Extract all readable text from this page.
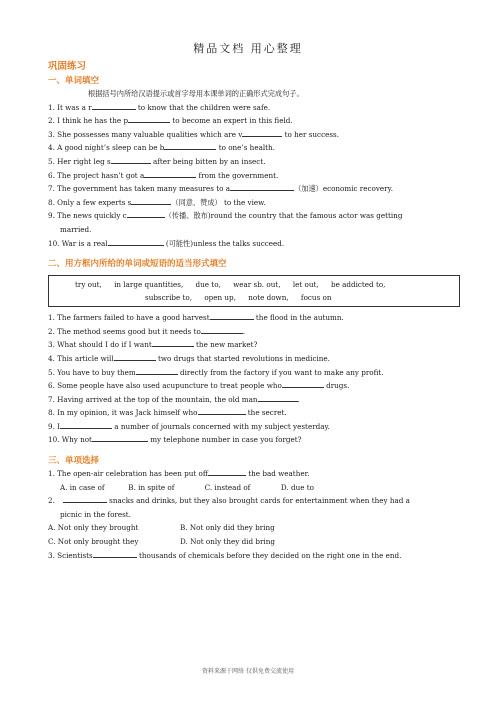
精品文档 用心整理
巩固练习
一、单词填空
根据括号内所给汉语提示或首字母用本课单词的正确形式完成句子。
1. It was a r	to know that the children were safe.
2. I think he has the p	to become an expert in this field.
3. She possesses many valuable qualities which are v	to her success.
4. A good night’s sleep can be b	to one’s health.
5. Her right leg s	after being bitten by an insect.
6. The project hasn’t got a	from the government.
7. The government has taken many measures to a	（加速）economic recovery.
8. Only a few experts s	（同意、赞成） to the view.
9. The news quickly c	（传播、散布)round the country that the famous actor was getting
married.
10. War is a real	(可能性)unless the talks succeed.
二、用方框内所给的单词或短语的适当形式填空
try out, in large quantities, due to, wear sb. out, let out, be addicted to,
subscribe to, open up, note down, focus on
1. The farmers failed to have a good harvest	the flood in the autumn.
2. The method seems good but it needs to	.
3. What should I do if I want	the new market?
4. This article will	two drugs that started revolutions in medicine.
5. You have to buy them	directly from the factory if you want to make any profit.
6. Some people have also used acupuncture to treat people who	drugs.
7. Having arrived at the top of the mountain, the old man	.
8. In my opinion, it was Jack himself who	the secret.
9. I	a number of journals concerned with my subject yesterday.
10. Why not	my telephone number in case you forget?
三、单项选择
1. The open-air celebration has been put off	the bad weather.
A. in case of	B. in spite of	C. instead of	D. due to
2.	snacks and drinks, but they also brought cards for entertainment when they had a
picnic in the forest.
A. Not only they brought	B. Not only did they bring
C. Not only brought they	D. Not only they did bring
3. Scientists	thousands of chemicals before they decided on the right one in the end.
资料来源于网络 仅供免费交流使用
